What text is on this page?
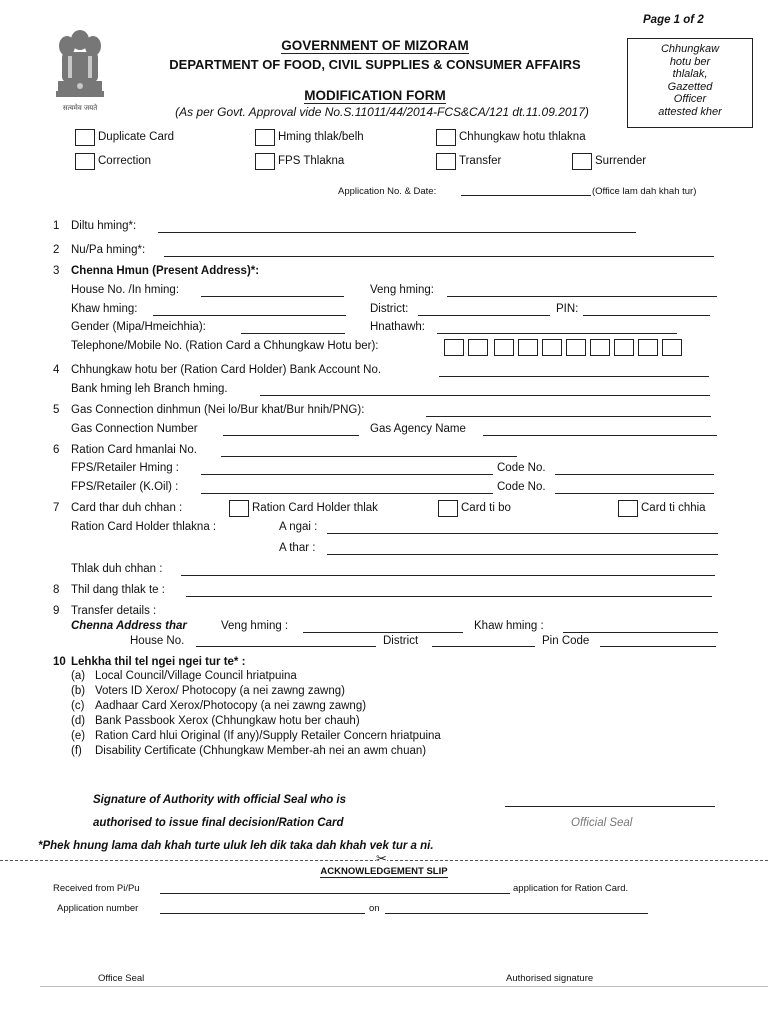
Page 1 of 2
सत्यमेव जयते
GOVERNMENT OF MIZORAM
DEPARTMENT OF FOOD, CIVIL SUPPLIES & CONSUMER AFFAIRS
MODIFICATION FORM
(As per Govt. Approval vide No.S.11011/44/2014-FCS&CA/121 dt.11.09.2017)
Chhungkaw
hotu ber
thlalak,
Gazetted
Officer
attested kher
Duplicate Card	Hming thlak/belh	Chhungkaw hotu thlakna
Correction	FPS Thlakna	Transfer	Surrender
Application No. & Date:	(Office lam dah khah tur)
1 Diltu hming*:
2 Nu/Pa hming*:
3 Chenna Hmun (Present Address)*:
House No. /In hming:	Veng hming:
Khaw hming:	District:	PIN:
Gender (Mipa/Hmeichhia):	Hnathawh:
Telephone/Mobile No. (Ration Card a Chhungkaw Hotu ber):
4 Chhungkaw hotu ber (Ration Card Holder) Bank Account No.
Bank hming leh Branch hming.
5 Gas Connection dinhmun (Nei lo/Bur khat/Bur hnih/PNG):
Gas Connection Number	Gas Agency Name
6 Ration Card hmanlai No.
FPS/Retailer Hming :	Code No.
FPS/Retailer (K.Oil) :	Code No.
7 Card thar duh chhan :	Ration Card Holder thlak	Card ti bo	Card ti chhia
Ration Card Holder thlakna :	A ngai :
A thar :
Thlak duh chhan :
8 Thil dang thlak te :
9 Transfer details :
Chenna Address thar	Veng hming :	Khaw hming :
House No.	District	Pin Code
10 Lehkha thil tel ngei ngei tur te* :
(a) Local Council/Village Council hriatpuina
(b) Voters ID Xerox/ Photocopy (a nei zawng zawng)
(c) Aadhaar Card Xerox/Photocopy (a nei zawng zawng)
(d) Bank Passbook Xerox (Chhungkaw hotu ber chauh)
(e) Ration Card hlui Original (If any)/Supply Retailer Concern hriatpuina
(f) Disability Certificate (Chhungkaw Member-ah nei an awm chuan)
Signature of Authority with official Seal who is
authorised to issue final decision/Ration Card	Official Seal
*Phek hnung lama dah khah turte uluk leh dik taka dah khah vek tur a ni.
✂
ACKNOWLEDGEMENT SLIP
Received from Pi/Pu	application for Ration Card.
Application number	on
Office Seal	Authorised signature
